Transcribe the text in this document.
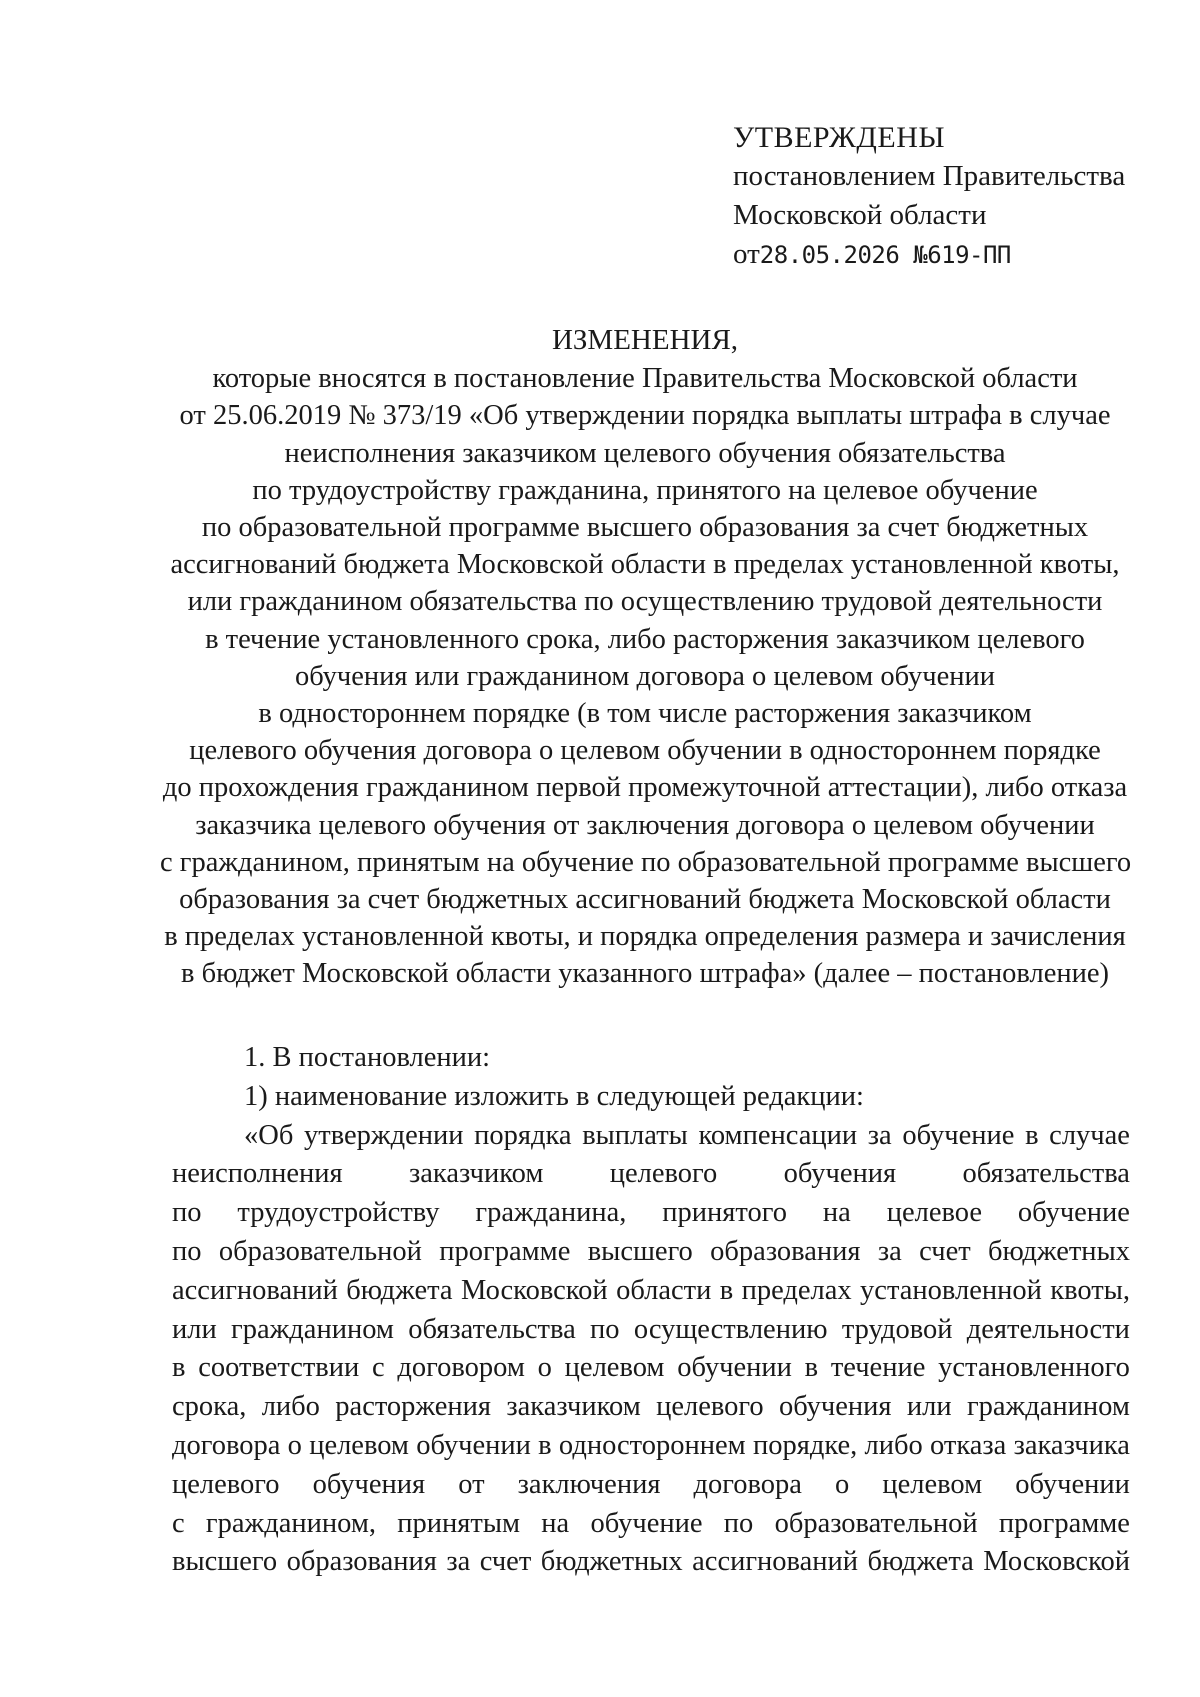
УТВЕРЖДЕНЫ
постановлением Правительства
Московской области
от28.05.2026 №619-ПП
ИЗМЕНЕНИЯ,
которые вносятся в постановление Правительства Московской области
от 25.06.2019 № 373/19 «Об утверждении порядка выплаты штрафа в случае
неисполнения заказчиком целевого обучения обязательства
по трудоустройству гражданина, принятого на целевое обучение
по образовательной программе высшего образования за счет бюджетных
ассигнований бюджета Московской области в пределах установленной квоты,
или гражданином обязательства по осуществлению трудовой деятельности
в течение установленного срока, либо расторжения заказчиком целевого
обучения или гражданином договора о целевом обучении
в одностороннем порядке (в том числе расторжения заказчиком
целевого обучения договора о целевом обучении в одностороннем порядке
до прохождения гражданином первой промежуточной аттестации), либо отказа
заказчика целевого обучения от заключения договора о целевом обучении
с гражданином, принятым на обучение по образовательной программе высшего
образования за счет бюджетных ассигнований бюджета Московской области
в пределах установленной квоты, и порядка определения размера и зачисления
в бюджет Московской области указанного штрафа» (далее – постановление)
1. В постановлении:
1) наименование изложить в следующей редакции:
«Об утверждении порядка выплаты компенсации за обучение в случае
неисполнения заказчиком целевого обучения обязательства
по трудоустройству гражданина, принятого на целевое обучение
по образовательной программе высшего образования за счет бюджетных
ассигнований бюджета Московской области в пределах установленной квоты,
или гражданином обязательства по осуществлению трудовой деятельности
в соответствии с договором о целевом обучении в течение установленного
срока, либо расторжения заказчиком целевого обучения или гражданином
договора о целевом обучении в одностороннем порядке, либо отказа заказчика
целевого обучения от заключения договора о целевом обучении
с гражданином, принятым на обучение по образовательной программе
высшего образования за счет бюджетных ассигнований бюджета Московской
